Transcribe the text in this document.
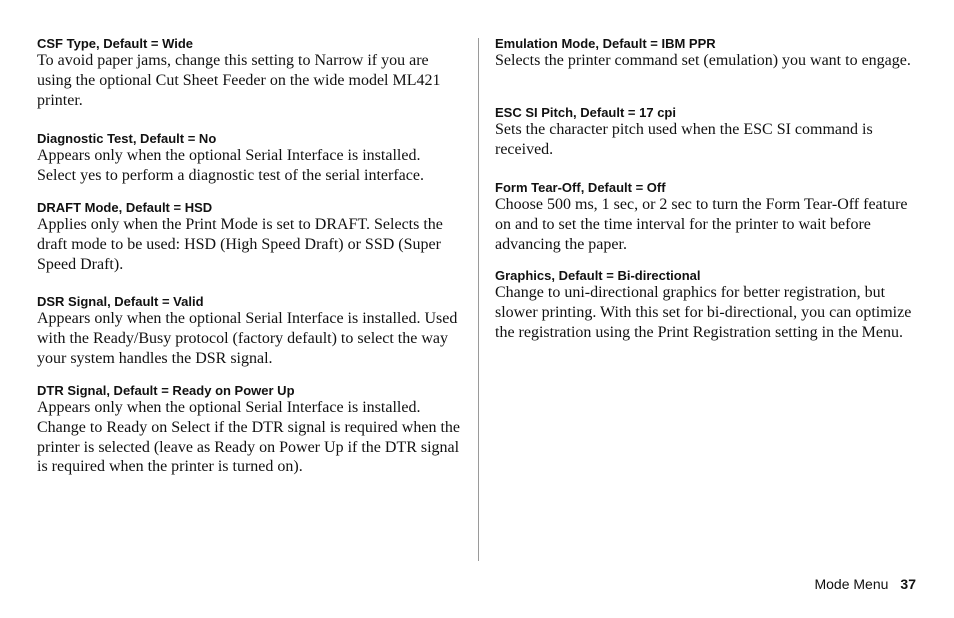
CSF Type, Default = Wide

To avoid paper jams, change this setting to Narrow if you are using the optional Cut Sheet Feeder on the wide model ML421 printer.

Diagnostic Test, Default = No

Appears only when the optional Serial Interface is installed. Select yes to perform a diagnostic test of the serial interface.

DRAFT Mode, Default = HSD

Applies only when the Print Mode is set to DRAFT. Selects the draft mode to be used: HSD (High Speed Draft) or SSD (Super Speed Draft).

DSR Signal, Default = Valid

Appears only when the optional Serial Interface is installed. Used with the Ready/Busy protocol (factory default) to select the way your system handles the DSR signal.

DTR Signal, Default = Ready on Power Up

Appears only when the optional Serial Interface is installed. Change to Ready on Select if the DTR signal is required when the printer is selected (leave as Ready on Power Up if the DTR signal is required when the printer is turned on).

Emulation Mode, Default = IBM PPR

Selects the printer command set (emulation) you want to engage.

ESC SI Pitch, Default = 17 cpi

Sets the character pitch used when the ESC SI command is received.

Form Tear-Off, Default = Off

Choose 500 ms, 1 sec, or 2 sec to turn the Form Tear-Off feature on and to set the time interval for the printer to wait before advancing the paper.

Graphics, Default = Bi-directional

Change to uni-directional graphics for better registration, but slower printing. With this set for bi-directional, you can optimize the registration using the Print Registration setting in the Menu.

Mode Menu 37
